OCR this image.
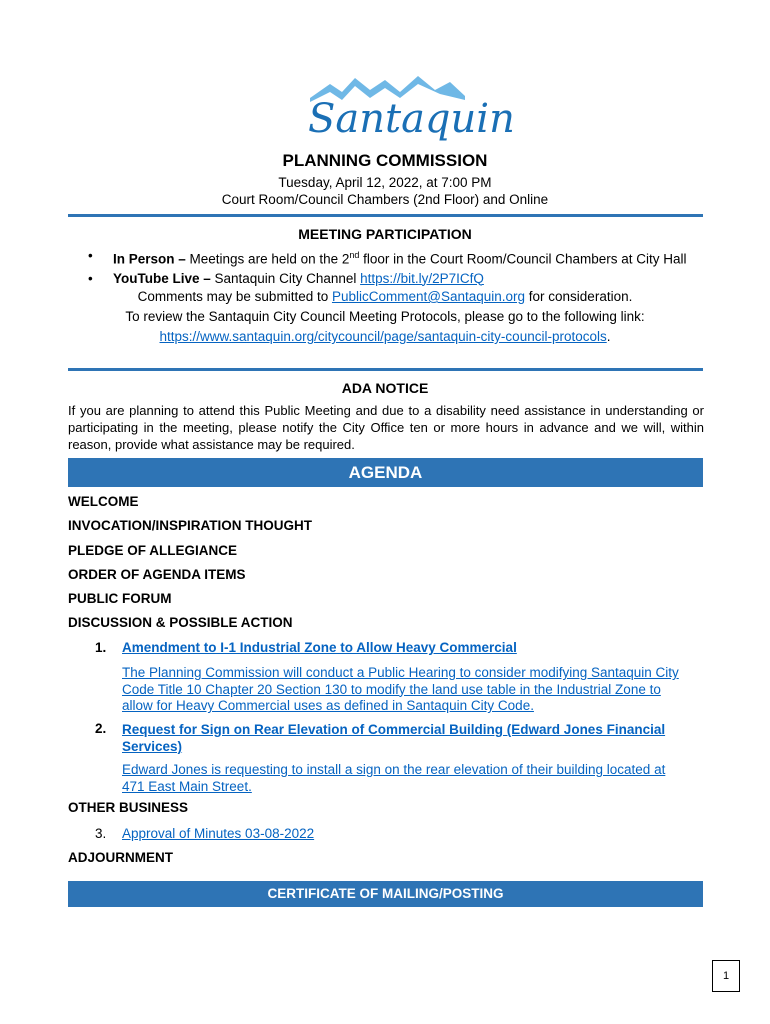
Santaquin
PLANNING COMMISSION
Tuesday, April 12, 2022, at 7:00 PM
Court Room/Council Chambers (2nd Floor) and Online
MEETING PARTICIPATION
• In Person – Meetings are held on the 2nd floor in the Court Room/Council Chambers at City Hall
• YouTube Live – Santaquin City Channel https://bit.ly/2P7ICfQ
Comments may be submitted to PublicComment@Santaquin.org for consideration.
To review the Santaquin City Council Meeting Protocols, please go to the following link:
https://www.santaquin.org/citycouncil/page/santaquin-city-council-protocols.
ADA NOTICE
If you are planning to attend this Public Meeting and due to a disability need assistance in understanding or participating in the meeting, please notify the City Office ten or more hours in advance and we will, within reason, provide what assistance may be required.
AGENDA
WELCOME
INVOCATION/INSPIRATION THOUGHT
PLEDGE OF ALLEGIANCE
ORDER OF AGENDA ITEMS
PUBLIC FORUM
DISCUSSION & POSSIBLE ACTION
1. Amendment to I-1 Industrial Zone to Allow Heavy Commercial
The Planning Commission will conduct a Public Hearing to consider modifying Santaquin City
Code Title 10 Chapter 20 Section 130 to modify the land use table in the Industrial Zone to
allow for Heavy Commercial uses as defined in Santaquin City Code.
2. Request for Sign on Rear Elevation of Commercial Building (Edward Jones Financial
Services)
Edward Jones is requesting to install a sign on the rear elevation of their building located at
471 East Main Street.
OTHER BUSINESS
3. Approval of Minutes 03-08-2022
ADJOURNMENT
CERTIFICATE OF MAILING/POSTING
1
